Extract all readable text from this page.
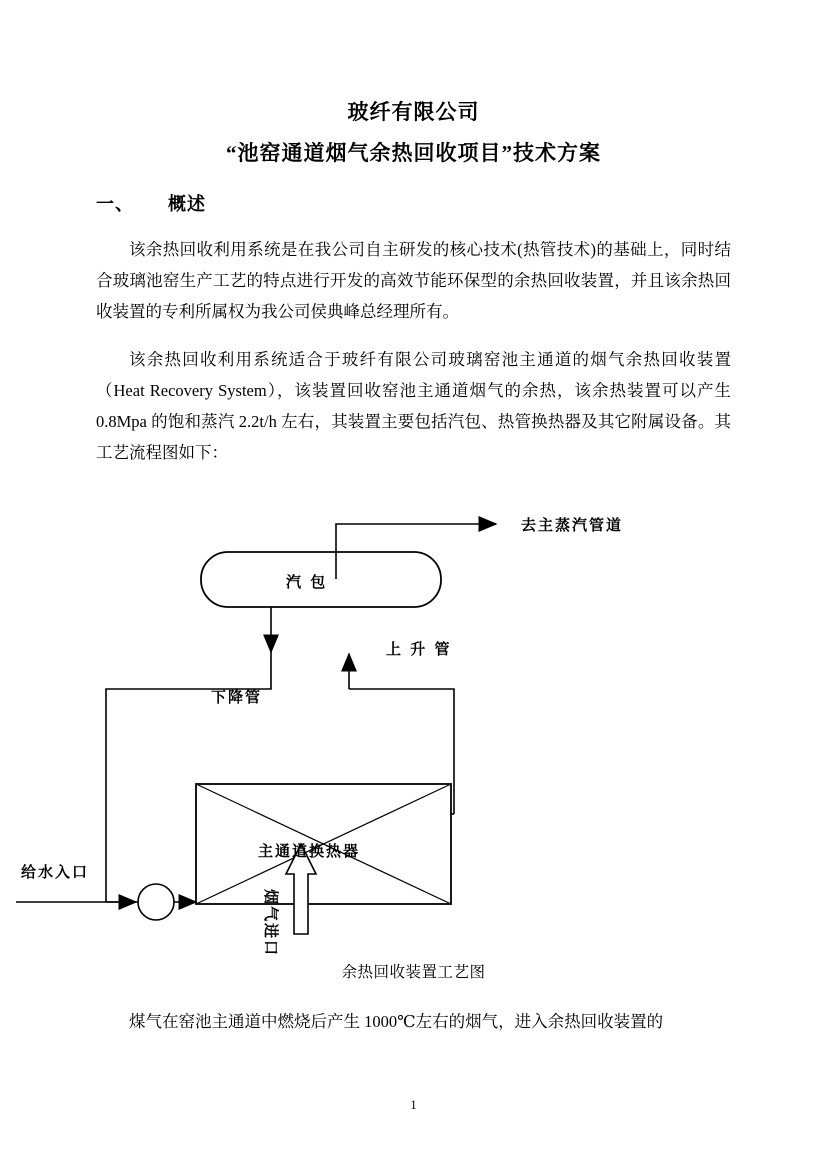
玻纤有限公司
“池窑通道烟气余热回收项目”技术方案
一、 概述

该余热回收利用系统是在我公司自主研发的核心技术(热管技术)的基础上，同时结合玻璃池窑生产工艺的特点进行开发的高效节能环保型的余热回收装置，并且该余热回收装置的专利所属权为我公司侯典峰总经理所有。

该余热回收利用系统适合于玻纤有限公司玻璃窑池主通道的烟气余热回收装置（Heat Recovery System），该装置回收窑池主通道烟气的余热，该余热装置可以产生 0.8Mpa 的饱和蒸汽 2.2t/h 左右，其装置主要包括汽包、热管换热器及其它附属设备。其工艺流程图如下：

去主蒸汽管道
汽 包
上 升 管
下降管
主通道换热器
给水入口
烟气进口
余热回收装置工艺图

煤气在窑池主通道中燃烧后产生 1000℃左右的烟气，进入余热回收装置的

1
